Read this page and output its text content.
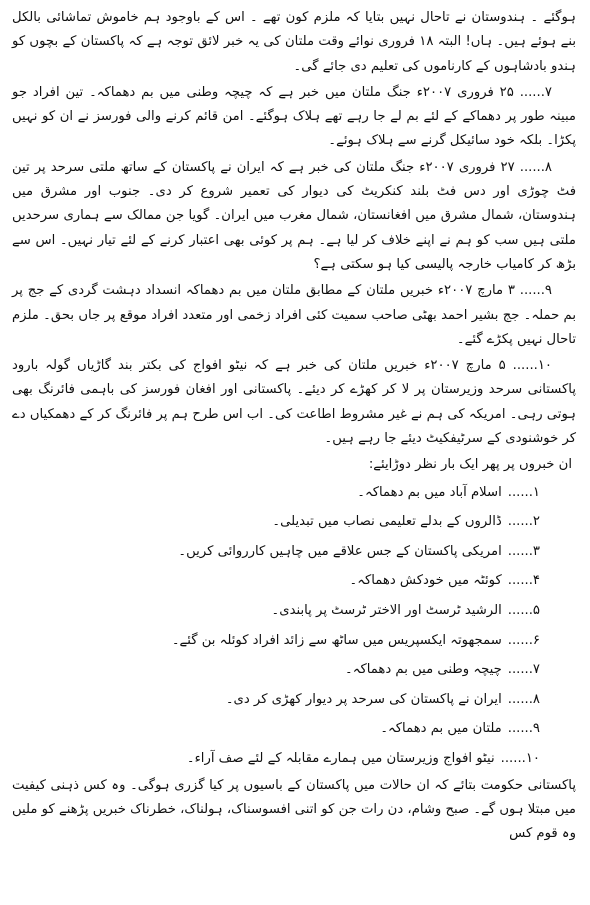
ہوگئے ۔ ہندوستان نے تاحال نہیں بتایا کہ ملزم کون تھے ۔ اس کے باوجود ہم خاموش تماشائی بالکل بنے ہوئے ہیں۔ ہاں! البتہ ۱۸ فروری نوائے وقت ملتان کی یہ خبر لائق توجہ ہے کہ پاکستان کے بچوں کو ہندو بادشاہوں کے کارناموں کی تعلیم دی جائے گی۔

۷...... ۲۵ فروری ۲۰۰۷ء جنگ ملتان میں خبر ہے کہ چیچہ وطنی میں بم دھماکہ۔ تین افراد جو مبینہ طور پر دھماکے کے لئے بم لے جا رہے تھے ہلاک ہوگئے۔ امن قائم کرنے والی فورسز نے ان کو نہیں پکڑا۔ بلکہ خود سائیکل گرنے سے ہلاک ہوئے۔

۸...... ۲۷ فروری ۲۰۰۷ء جنگ ملتان کی خبر ہے کہ ایران نے پاکستان کے ساتھ ملتی سرحد پر تین فٹ چوڑی اور دس فٹ بلند کنکریٹ کی دیوار کی تعمیر شروع کر دی۔ جنوب اور مشرق میں ہندوستان، شمال مشرق میں افغانستان، شمال مغرب میں ایران۔ گویا جن ممالک سے ہماری سرحدیں ملتی ہیں سب کو ہم نے اپنے خلاف کر لیا ہے۔ ہم پر کوئی بھی اعتبار کرنے کے لئے تیار نہیں۔ اس سے بڑھ کر کامیاب خارجہ پالیسی کیا ہو سکتی ہے؟

۹...... ۳ مارچ ۲۰۰۷ء خبریں ملتان کے مطابق ملتان میں بم دھماکہ انسداد دہشت گردی کے جج پر بم حملہ۔ جج بشیر احمد بھٹی صاحب سمیت کئی افراد زخمی اور متعدد افراد موقع پر جاں بحق۔ ملزم تاحال نہیں پکڑے گئے۔

۱۰...... ۵ مارچ ۲۰۰۷ء خبریں ملتان کی خبر ہے کہ نیٹو افواج کی بکتر بند گاڑیاں گولہ بارود پاکستانی سرحد وزیرستان پر لا کر کھڑے کر دیئے۔ پاکستانی اور افغان فورسز کی باہمی فائرنگ بھی ہوتی رہی۔ امریکہ کی ہم نے غیر مشروط اطاعت کی۔ اب اس طرح ہم پر فائرنگ کر کے دھمکیاں دے کر خوشنودی کے سرٹیفکیٹ دیئے جا رہے ہیں۔

ان خبروں پر پھر ایک بار نظر دوڑایئے:

۱......
اسلام آباد میں بم دھماکہ۔
۲......
ڈالروں کے بدلے تعلیمی نصاب میں تبدیلی۔
۳......
امریکی پاکستان کے جس علاقے میں چاہیں کارروائی کریں۔
۴......
کوئٹہ میں خودکش دھماکہ۔
۵......
الرشید ٹرسٹ اور الاختر ٹرسٹ پر پابندی۔
۶......
سمجھوتہ ایکسپریس میں ساٹھ سے زائد افراد کوئلہ بن گئے۔
۷......
چیچہ وطنی میں بم دھماکہ۔
۸......
ایران نے پاکستان کی سرحد پر دیوار کھڑی کر دی۔
۹......
ملتان میں بم دھماکہ۔
۱۰......
نیٹو افواج وزیرستان میں ہمارے مقابلہ کے لئے صف آراء۔

پاکستانی حکومت بتائے کہ ان حالات میں پاکستان کے باسیوں پر کیا گزری ہوگی۔ وہ کس ذہنی کیفیت میں مبتلا ہوں گے۔ صبح وشام، دن رات جن کو اتنی افسوسناک، ہولناک، خطرناک خبریں پڑھنے کو ملیں وہ قوم کس
